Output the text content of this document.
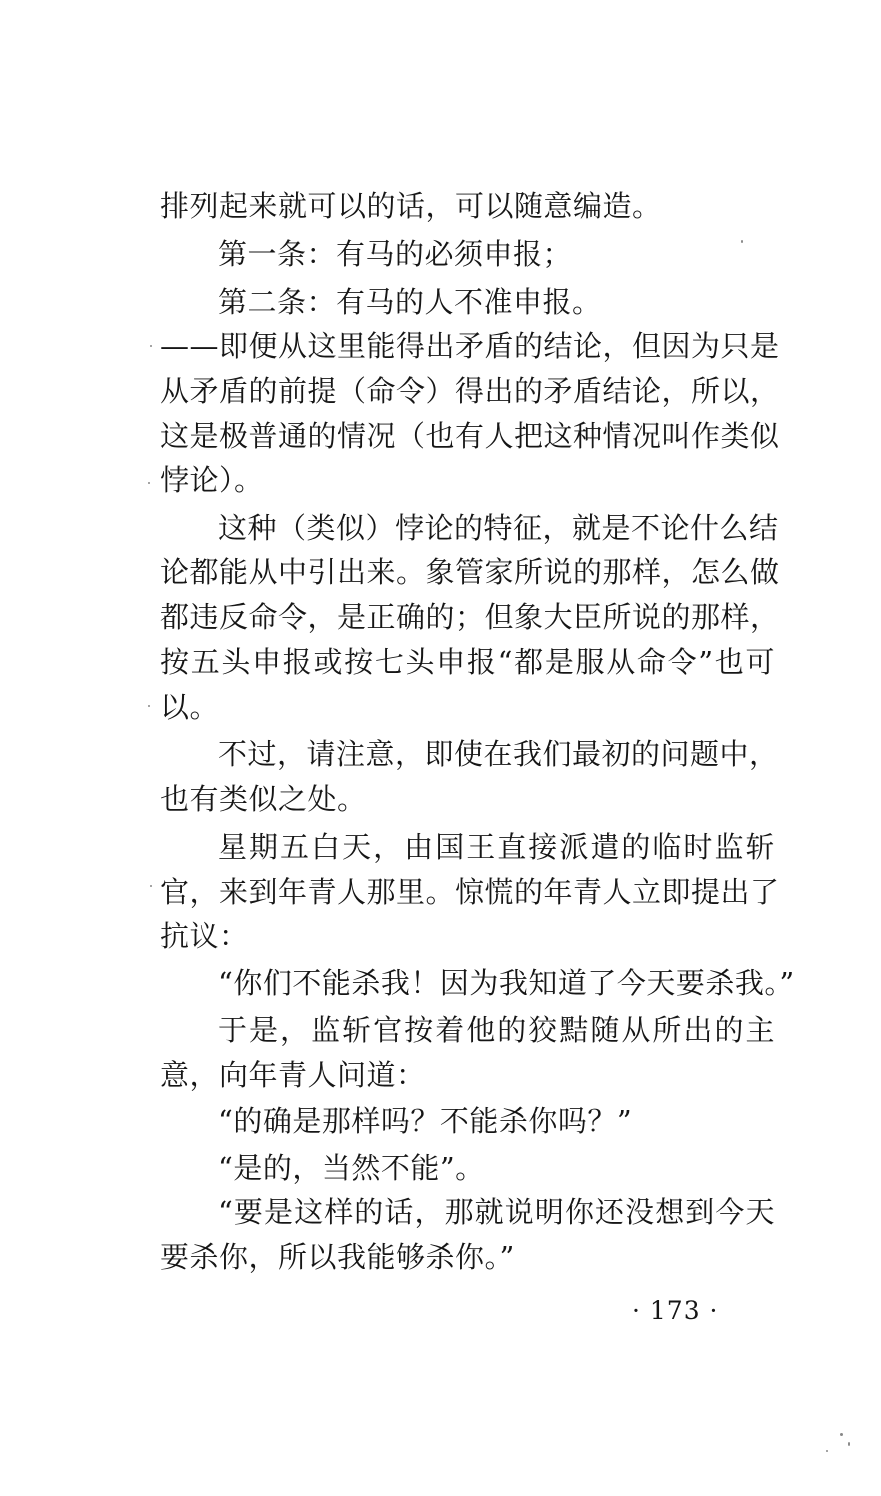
排列起来就可以的话，可以随意编造。
第一条：有马的必须申报；
第二条：有马的人不准申报。
——即便从这里能得出矛盾的结论，但因为只是
从矛盾的前提（命令）得出的矛盾结论，所以，
这是极普通的情况（也有人把这种情况叫作类似
悖论）。
这种（类似）悖论的特征，就是不论什么结
论都能从中引出来。象管家所说的那样，怎么做
都违反命令，是正确的；但象大臣所说的那样，
按五头申报或按七头申报“都是服从命令”也可
以。
不过，请注意，即使在我们最初的问题中，
也有类似之处。
星期五白天，由国王直接派遣的临时监斩
官，来到年青人那里。惊慌的年青人立即提出了
抗议：
“你们不能杀我！因为我知道了今天要杀我。”
于是，监斩官按着他的狡黠随从所出的主
意，向年青人问道：
“的确是那样吗？不能杀你吗？”
“是的，当然不能”。
“要是这样的话，那就说明你还没想到今天
要杀你，所以我能够杀你。”
· 173 ·
